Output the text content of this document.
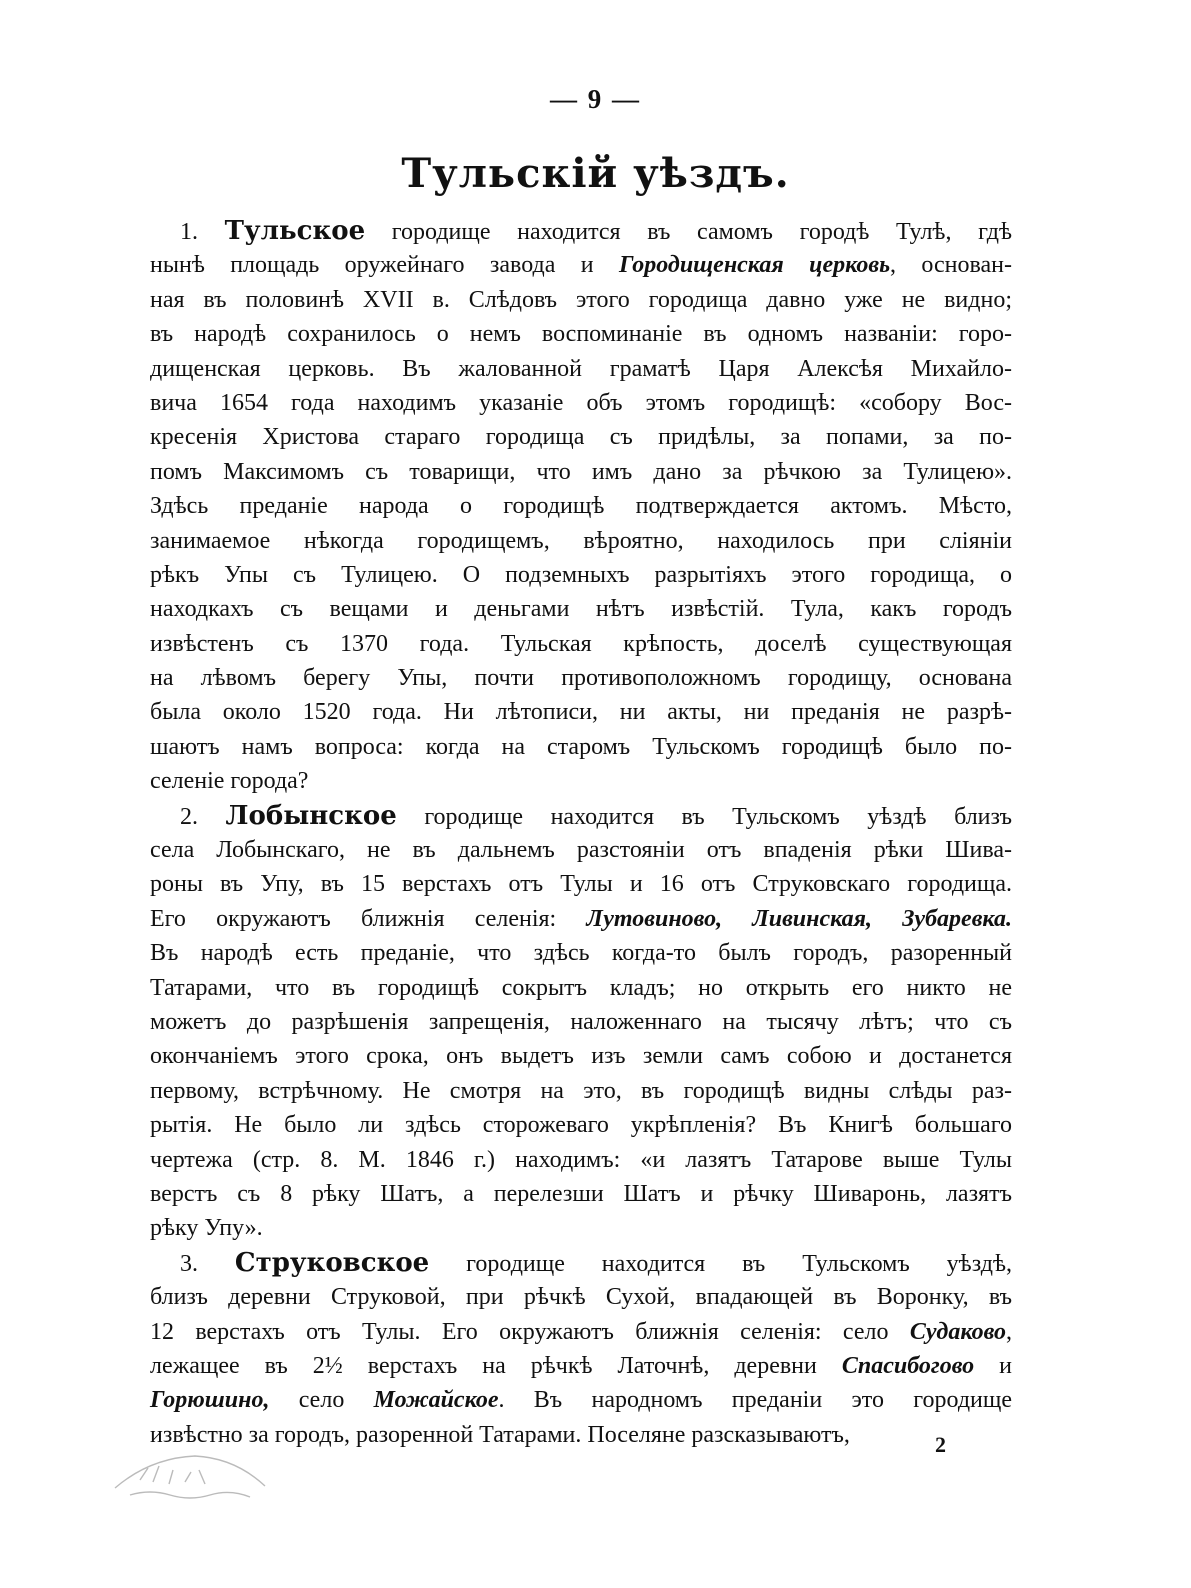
— 9 —
Тульскій уѣздъ.
1. Тульское городище находится въ самомъ городѣ Тулѣ, гдѣ
нынѣ площадь оружейнаго завода и Городищенская церковь, основан-
ная въ половинѣ XVII в. Слѣдовъ этого городища давно уже не видно;
въ народѣ сохранилось о немъ воспоминаніе въ одномъ названіи: горо-
дищенская церковь. Въ жалованной граматѣ Царя Алексѣя Михайло-
вича 1654 года находимъ указаніе объ этомъ городищѣ: «собору Вос-
кресенія Христова стараго городища съ придѣлы, за попами, за по-
помъ Максимомъ съ товарищи, что имъ дано за рѣчкою за Тулицею».
Здѣсь преданіе народа о городищѣ подтверждается актомъ. Мѣсто,
занимаемое нѣкогда городищемъ, вѣроятно, находилось при сліяніи
рѣкъ Упы съ Тулицею. О подземныхъ разрытіяхъ этого городища, о
находкахъ съ вещами и деньгами нѣтъ извѣстій. Тула, какъ городъ
извѣстенъ съ 1370 года. Тульская крѣпость, доселѣ существующая
на лѣвомъ берегу Упы, почти противоположномъ городищу, основана
была около 1520 года. Ни лѣтописи, ни акты, ни преданія не разрѣ-
шаютъ намъ вопроса: когда на старомъ Тульскомъ городищѣ было по-
селеніе города?
2. Лобынское городище находится въ Тульскомъ уѣздѣ близъ
села Лобынскаго, не въ дальнемъ разстояніи отъ впаденія рѣки Шива-
роны въ Упу, въ 15 верстахъ отъ Тулы и 16 отъ Струковскаго городища.
Его окружаютъ ближнія селенія: Лутовиново, Ливинская, Зубаревка.
Въ народѣ есть преданіе, что здѣсь когда-то былъ городъ, разоренный
Татарами, что въ городищѣ сокрытъ кладъ; но открыть его никто не
можетъ до разрѣшенія запрещенія, наложеннаго на тысячу лѣтъ; что съ
окончаніемъ этого срока, онъ выдетъ изъ земли самъ собою и достанется
первому, встрѣчному. Не смотря на это, въ городищѣ видны слѣды раз-
рытія. Не было ли здѣсь сторожеваго укрѣпленія? Въ Книгѣ большаго
чертежа (стр. 8. М. 1846 г.) находимъ: «и лазятъ Татарове выше Тулы
верстъ съ 8 рѣку Шатъ, а перелезши Шатъ и рѣчку Шиваронь, лазятъ
рѣку Упу».
3. Струковское городище находится въ Тульскомъ уѣздѣ,
близъ деревни Струковой, при рѣчкѣ Сухой, впадающей въ Воронку, въ
12 верстахъ отъ Тулы. Его окружаютъ ближнія селенія: село Судаково,
лежащее въ 2½ верстахъ на рѣчкѣ Латочнѣ, деревни Спасибогово и
Горюшино, село Можайское. Въ народномъ преданіи это городище
извѣстно за городъ, разоренной Татарами. Поселяне разсказываютъ,	2
